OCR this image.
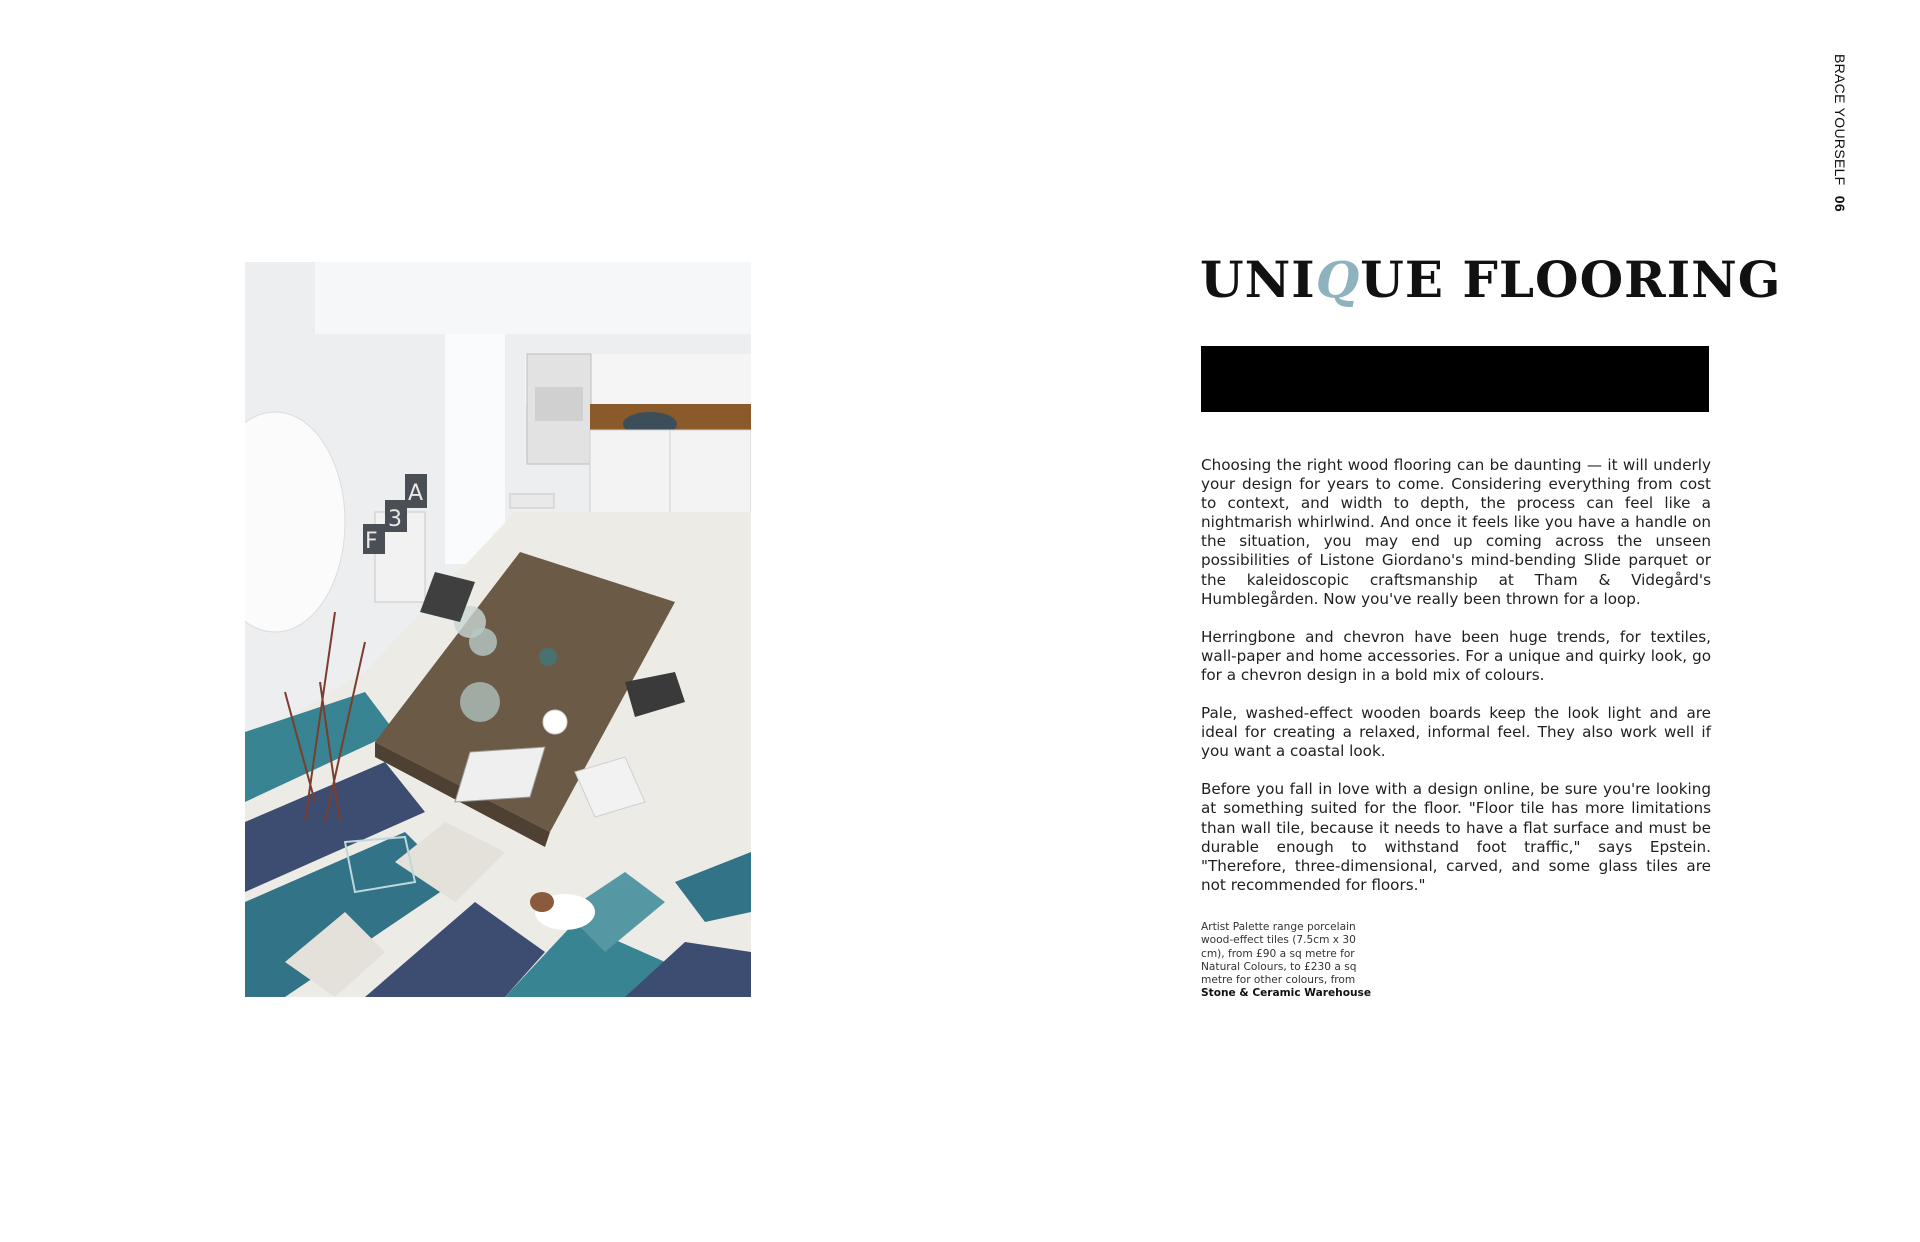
BRACE YOURSELF 06
F
3
A
UNIQUE FLOORING

Choosing the right wood flooring can be daunting — it will underly your design for years to come. Considering everything from cost to context, and width to depth, the process can feel like a nightmarish whirlwind. And once it feels like you have a handle on the situation, you may end up coming across the unseen possibilities of Listone Giordano's mind-bending Slide parquet or the kaleidoscopic craftsmanship at Tham & Videgård's Humblegården. Now you've really been thrown for a loop.

Herringbone and chevron have been huge trends, for textiles, wall-paper and home accessories. For a unique and quirky look, go for a chevron design in a bold mix of colours.

Pale, washed-effect wooden boards keep the look light and are ideal for creating a relaxed, informal feel. They also work well if you want a coastal look.

Before you fall in love with a design online, be sure you're looking at something suited for the floor. "Floor tile has more limitations than wall tile, because it needs to have a flat surface and must be durable enough to withstand foot traffic," says Epstein. "Therefore, three-dimensional, carved, and some glass tiles are not recommended for floors."

Artist Palette range porcelain wood-effect tiles (7.5cm x 30 cm), from £90 a sq metre for Natural Colours, to £230 a sq metre for other colours, from
Stone & Ceramic Warehouse
